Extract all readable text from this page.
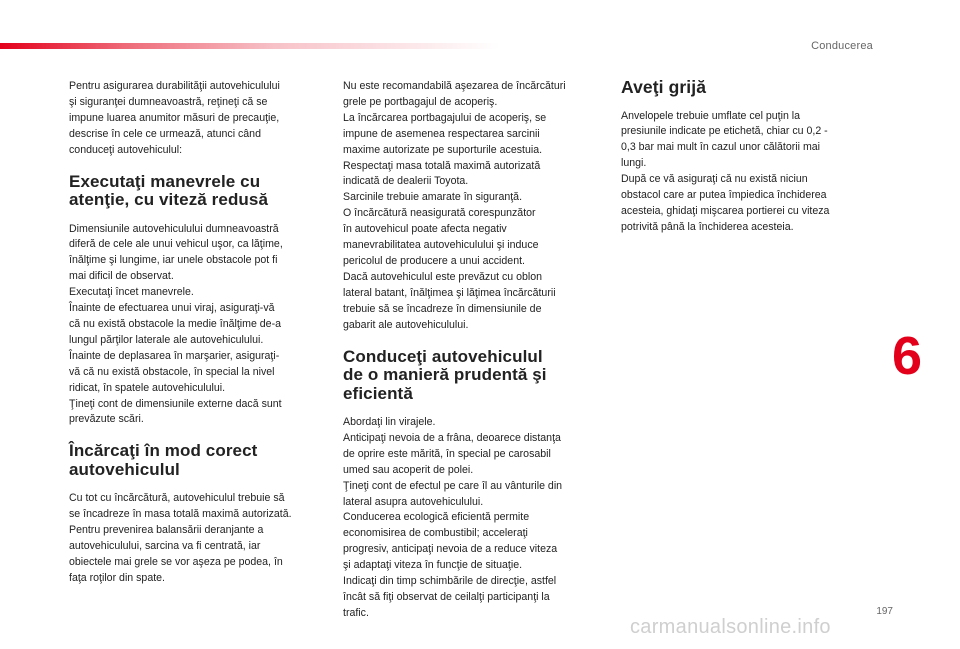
Conducerea

Pentru asigurarea durabilităţii autovehiculului
şi siguranţei dumneavoastră, reţineţi că se
impune luarea anumitor măsuri de precauţie,
descrise în cele ce urmează, atunci când
conduceţi autovehiculul:

Executaţi manevrele cu
atenţie, cu viteză redusă

Dimensiunile autovehiculului dumneavoastră
diferă de cele ale unui vehicul uşor, ca lăţime,
înălţime şi lungime, iar unele obstacole pot fi
mai dificil de observat.
Executaţi încet manevrele.
Înainte de efectuarea unui viraj, asiguraţi-vă
că nu există obstacole la medie înălţime de-a
lungul părţilor laterale ale autovehiculului.
Înainte de deplasarea în marşarier, asiguraţi-
vă că nu există obstacole, în special la nivel
ridicat, în spatele autovehiculului.
Ţineţi cont de dimensiunile externe dacă sunt
prevăzute scări.

Încărcaţi în mod corect
autovehiculul

Cu tot cu încărcătură, autovehiculul trebuie să
se încadreze în masa totală maximă autorizată.
Pentru prevenirea balansării deranjante a
autovehiculului, sarcina va fi centrată, iar
obiectele mai grele se vor aşeza pe podea, în
faţa roţilor din spate.

Nu este recomandabilă aşezarea de încărcături
grele pe portbagajul de acoperiş.
La încărcarea portbagajului de acoperiş, se
impune de asemenea respectarea sarcinii
maxime autorizate pe suporturile acestuia.
Respectaţi masa totală maximă autorizată
indicată de dealerii Toyota.
Sarcinile trebuie amarate în siguranţă.
O încărcătură neasigurată corespunzător
în autovehicul poate afecta negativ
manevrabilitatea autovehiculului şi induce
pericolul de producere a unui accident.
Dacă autovehiculul este prevăzut cu oblon
lateral batant, înălţimea şi lăţimea încărcăturii
trebuie să se încadreze în dimensiunile de
gabarit ale autovehiculului.

Conduceţi autovehiculul
de o manieră prudentă şi
eficientă

Abordaţi lin virajele.
Anticipaţi nevoia de a frâna, deoarece distanţa
de oprire este mărită, în special pe carosabil
umed sau acoperit de polei.
Ţineţi cont de efectul pe care îl au vânturile din
lateral asupra autovehiculului.
Conducerea ecologică eficientă permite
economisirea de combustibil; acceleraţi
progresiv, anticipaţi nevoia de a reduce viteza
şi adaptaţi viteza în funcţie de situaţie.
Indicaţi din timp schimbările de direcţie, astfel
încât să fiţi observat de ceilalţi participanţi la
trafic.

Aveţi grijă

Anvelopele trebuie umflate cel puţin la
presiunile indicate pe etichetă, chiar cu 0,2 -
0,3 bar mai mult în cazul unor călătorii mai
lungi.
După ce vă asiguraţi că nu există niciun
obstacol care ar putea împiedica închiderea
acesteia, ghidaţi mişcarea portierei cu viteza
potrivită până la închiderea acesteia.

6
197
carmanualsonline.info
